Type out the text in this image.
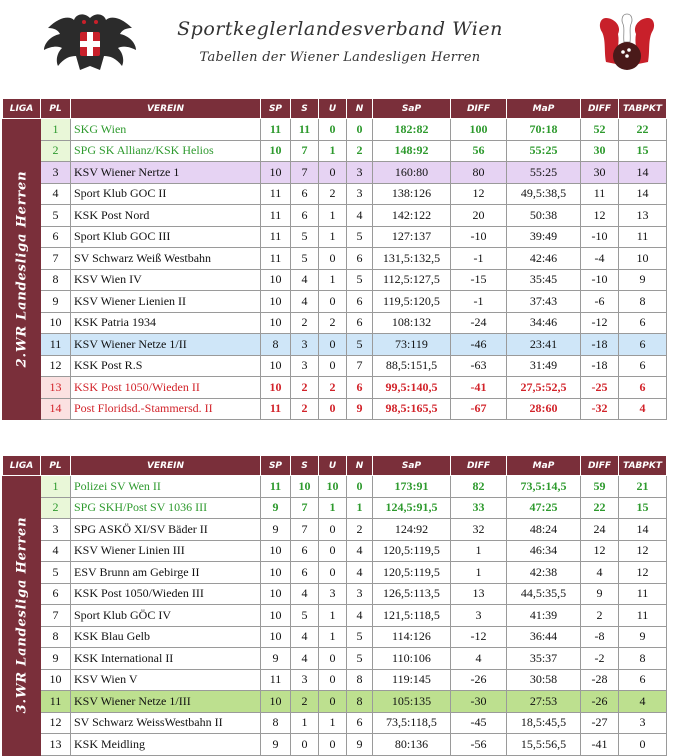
Sportkeglerlandesverband Wien
Tabellen der Wiener Landesligen Herren
LIGA	PL	VEREIN	SP	S	U	N	SaP	DIFF	MaP	DIFF	TABPKT

2.WR Landesliga Herren	1	SKG Wien	11	11	0	0	182:82	100	70:18	52	22
	2	SPG SK Allianz/KSK Helios	10	7	1	2	148:92	56	55:25	30	15
	3	KSV Wiener Nertze 1	10	7	0	3	160:80	80	55:25	30	14
	4	Sport Klub GOC II	11	6	2	3	138:126	12	49,5:38,5	11	14
	5	KSK Post Nord	11	6	1	4	142:122	20	50:38	12	13
	6	Sport Klub GOC III	11	5	1	5	127:137	-10	39:49	-10	11
	7	SV Schwarz Weiß Westbahn	11	5	0	6	131,5:132,5	-1	42:46	-4	10
	8	KSV Wien IV	10	4	1	5	112,5:127,5	-15	35:45	-10	9
	9	KSV Wiener Lienien II	10	4	0	6	119,5:120,5	-1	37:43	-6	8
	10	KSK Patria 1934	10	2	2	6	108:132	-24	34:46	-12	6
	11	KSV Wiener Netze 1/II	8	3	0	5	73:119	-46	23:41	-18	6
	12	KSK Post R.S	10	3	0	7	88,5:151,5	-63	31:49	-18	6
	13	KSK Post 1050/Wieden II	10	2	2	6	99,5:140,5	-41	27,5:52,5	-25	6
	14	Post Floridsd.-Stammersd. II	11	2	0	9	98,5:165,5	-67	28:60	-32	4
LIGA	PL	VEREIN	SP	S	U	N	SaP	DIFF	MaP	DIFF	TABPKT

3.WR Landesliga Herren	1	Polizei SV Wen II	11	10	10	0	173:91	82	73,5:14,5	59	21
	2	SPG SKH/Post SV 1036 III	9	7	1	1	124,5:91,5	33	47:25	22	15
	3	SPG ASKÖ XI/SV Bäder II	9	7	0	2	124:92	32	48:24	24	14
	4	KSV Wiener Linien III	10	6	0	4	120,5:119,5	1	46:34	12	12
	5	ESV Brunn am Gebirge II	10	6	0	4	120,5:119,5	1	42:38	4	12
	6	KSK Post 1050/Wieden III	10	4	3	3	126,5:113,5	13	44,5:35,5	9	11
	7	Sport Klub GÖC IV	10	5	1	4	121,5:118,5	3	41:39	2	11
	8	KSK Blau Gelb	10	4	1	5	114:126	-12	36:44	-8	9
	9	KSK International II	9	4	0	5	110:106	4	35:37	-2	8
	10	KSV Wien V	11	3	0	8	119:145	-26	30:58	-28	6
	11	KSV Wiener Netze 1/III	10	2	0	8	105:135	-30	27:53	-26	4
	12	SV Schwarz WeissWestbahn II	8	1	1	6	73,5:118,5	-45	18,5:45,5	-27	3
	13	KSK Meidling	9	0	0	9	80:136	-56	15,5:56,5	-41	0
